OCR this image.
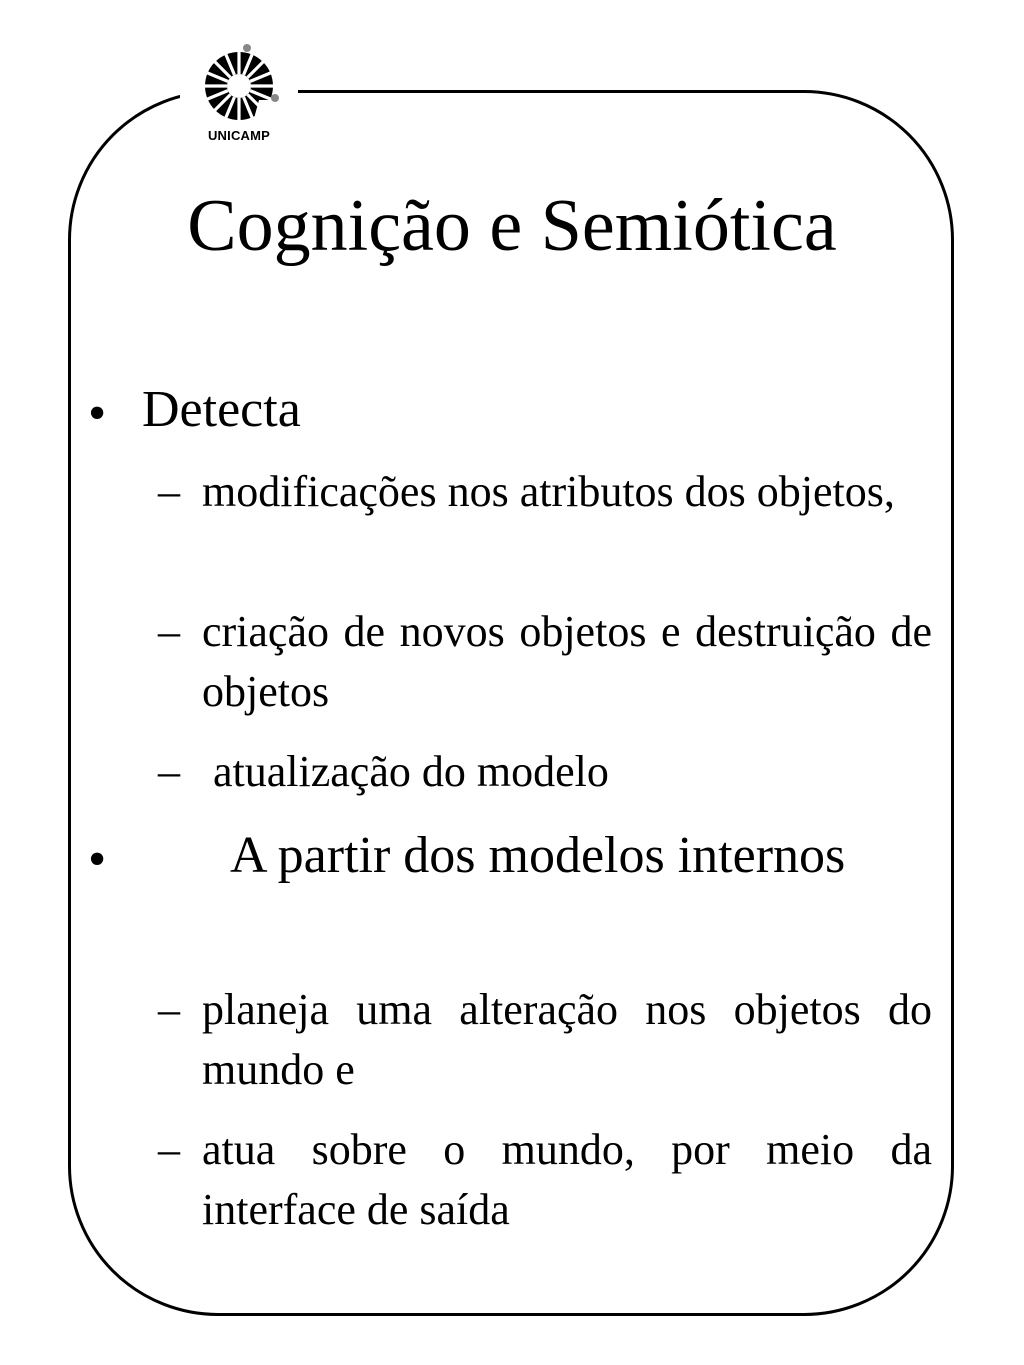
UNICAMP
Cognição e Semiótica
• Detecta
– modificações nos atributos dos objetos,
– criação de novos objetos e destruição de objetos
– atualização do modelo
•	A partir dos modelos internos
– planeja uma alteração nos objetos do mundo e
– atua sobre o mundo, por meio da interface de saída
